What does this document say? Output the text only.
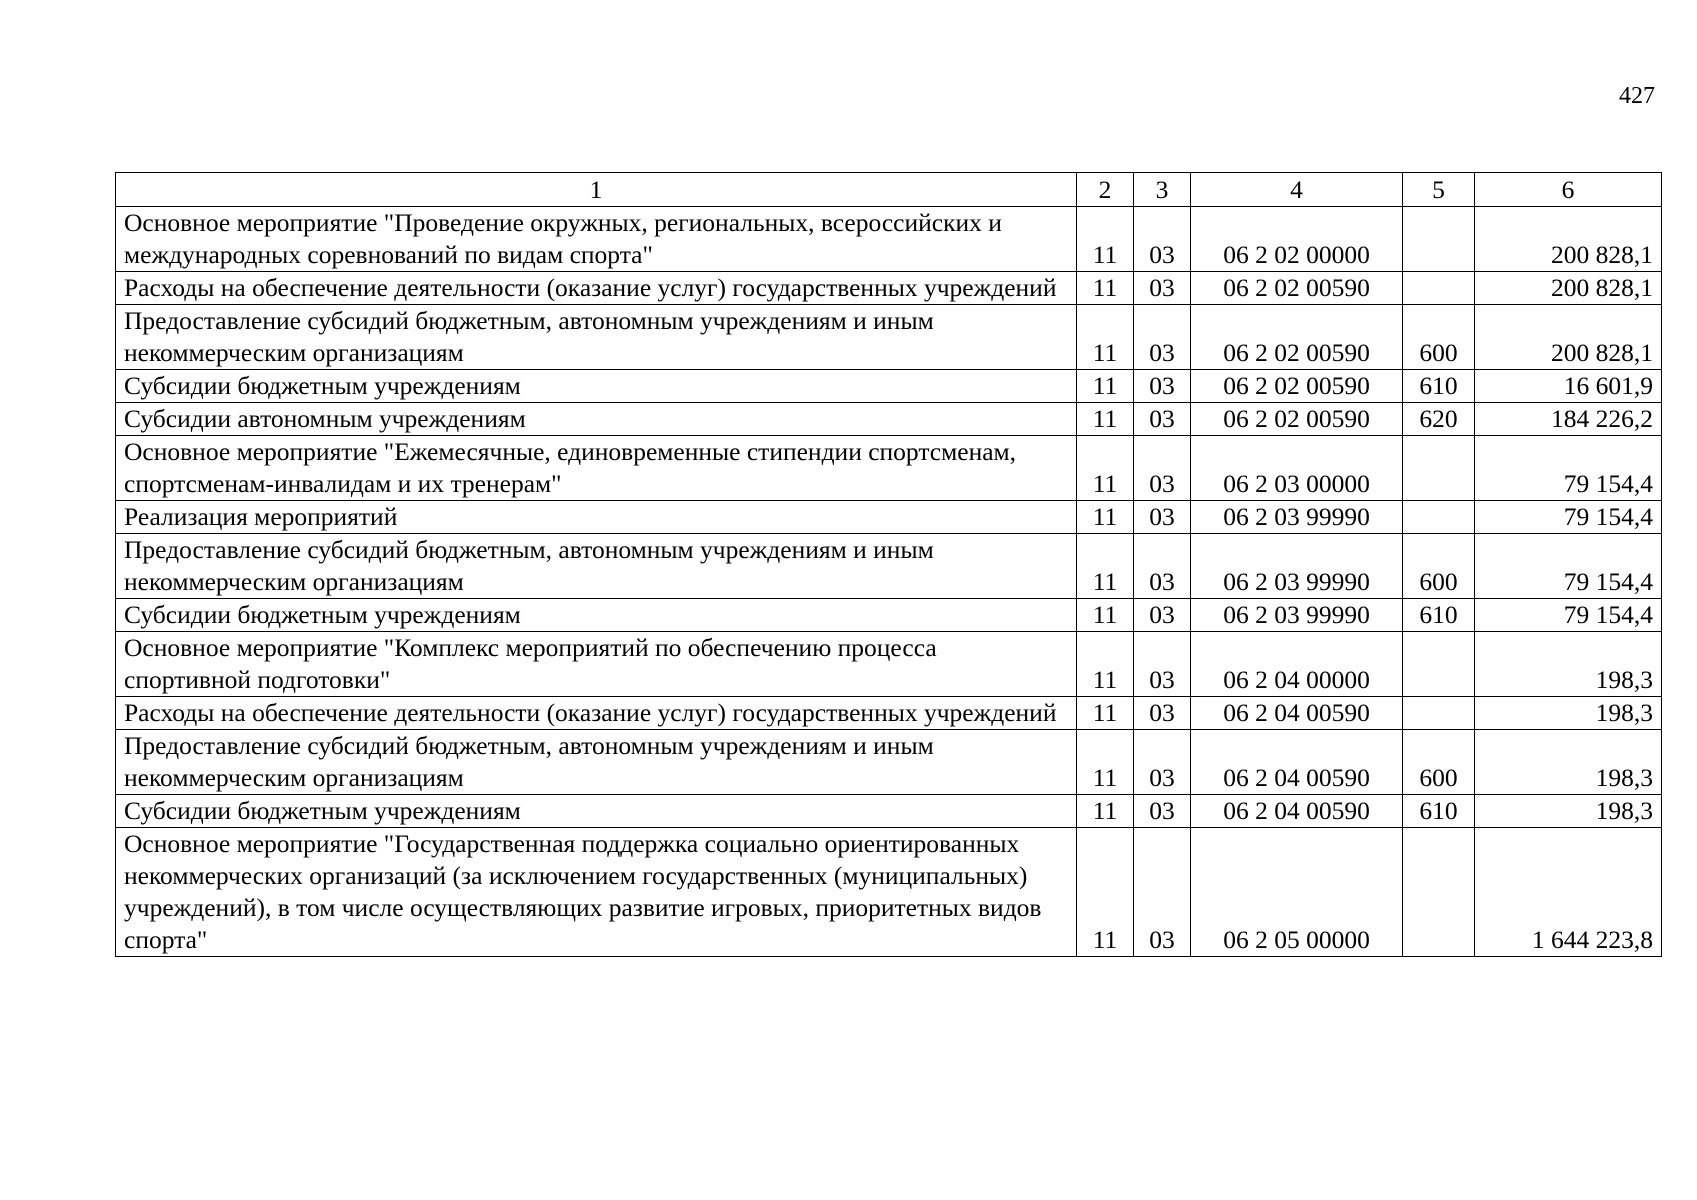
427
1	2	3	4	5	6
Основное мероприятие "Проведение окружных, региональных, всероссийских и международных соревнований по видам спорта"	11	03	06 2 02 00000		200 828,1
Расходы на обеспечение деятельности (оказание услуг) государственных учреждений	11	03	06 2 02 00590		200 828,1
Предоставление субсидий бюджетным, автономным учреждениям и иным некоммерческим организациям	11	03	06 2 02 00590	600	200 828,1
Субсидии бюджетным учреждениям	11	03	06 2 02 00590	610	16 601,9
Субсидии автономным учреждениям	11	03	06 2 02 00590	620	184 226,2
Основное мероприятие "Ежемесячные, единовременные стипендии спортсменам, спортсменам-инвалидам и их тренерам"	11	03	06 2 03 00000		79 154,4
Реализация мероприятий	11	03	06 2 03 99990		79 154,4
Предоставление субсидий бюджетным, автономным учреждениям и иным некоммерческим организациям	11	03	06 2 03 99990	600	79 154,4
Субсидии бюджетным учреждениям	11	03	06 2 03 99990	610	79 154,4
Основное мероприятие "Комплекс мероприятий по обеспечению процесса спортивной подготовки"	11	03	06 2 04 00000		198,3
Расходы на обеспечение деятельности (оказание услуг) государственных учреждений	11	03	06 2 04 00590		198,3
Предоставление субсидий бюджетным, автономным учреждениям и иным некоммерческим организациям	11	03	06 2 04 00590	600	198,3
Субсидии бюджетным учреждениям	11	03	06 2 04 00590	610	198,3
Основное мероприятие "Государственная поддержка социально ориентированных некоммерческих организаций (за исключением государственных (муниципальных) учреждений), в том числе осуществляющих развитие игровых, приоритетных видов спорта"	11	03	06 2 05 00000		1 644 223,8
